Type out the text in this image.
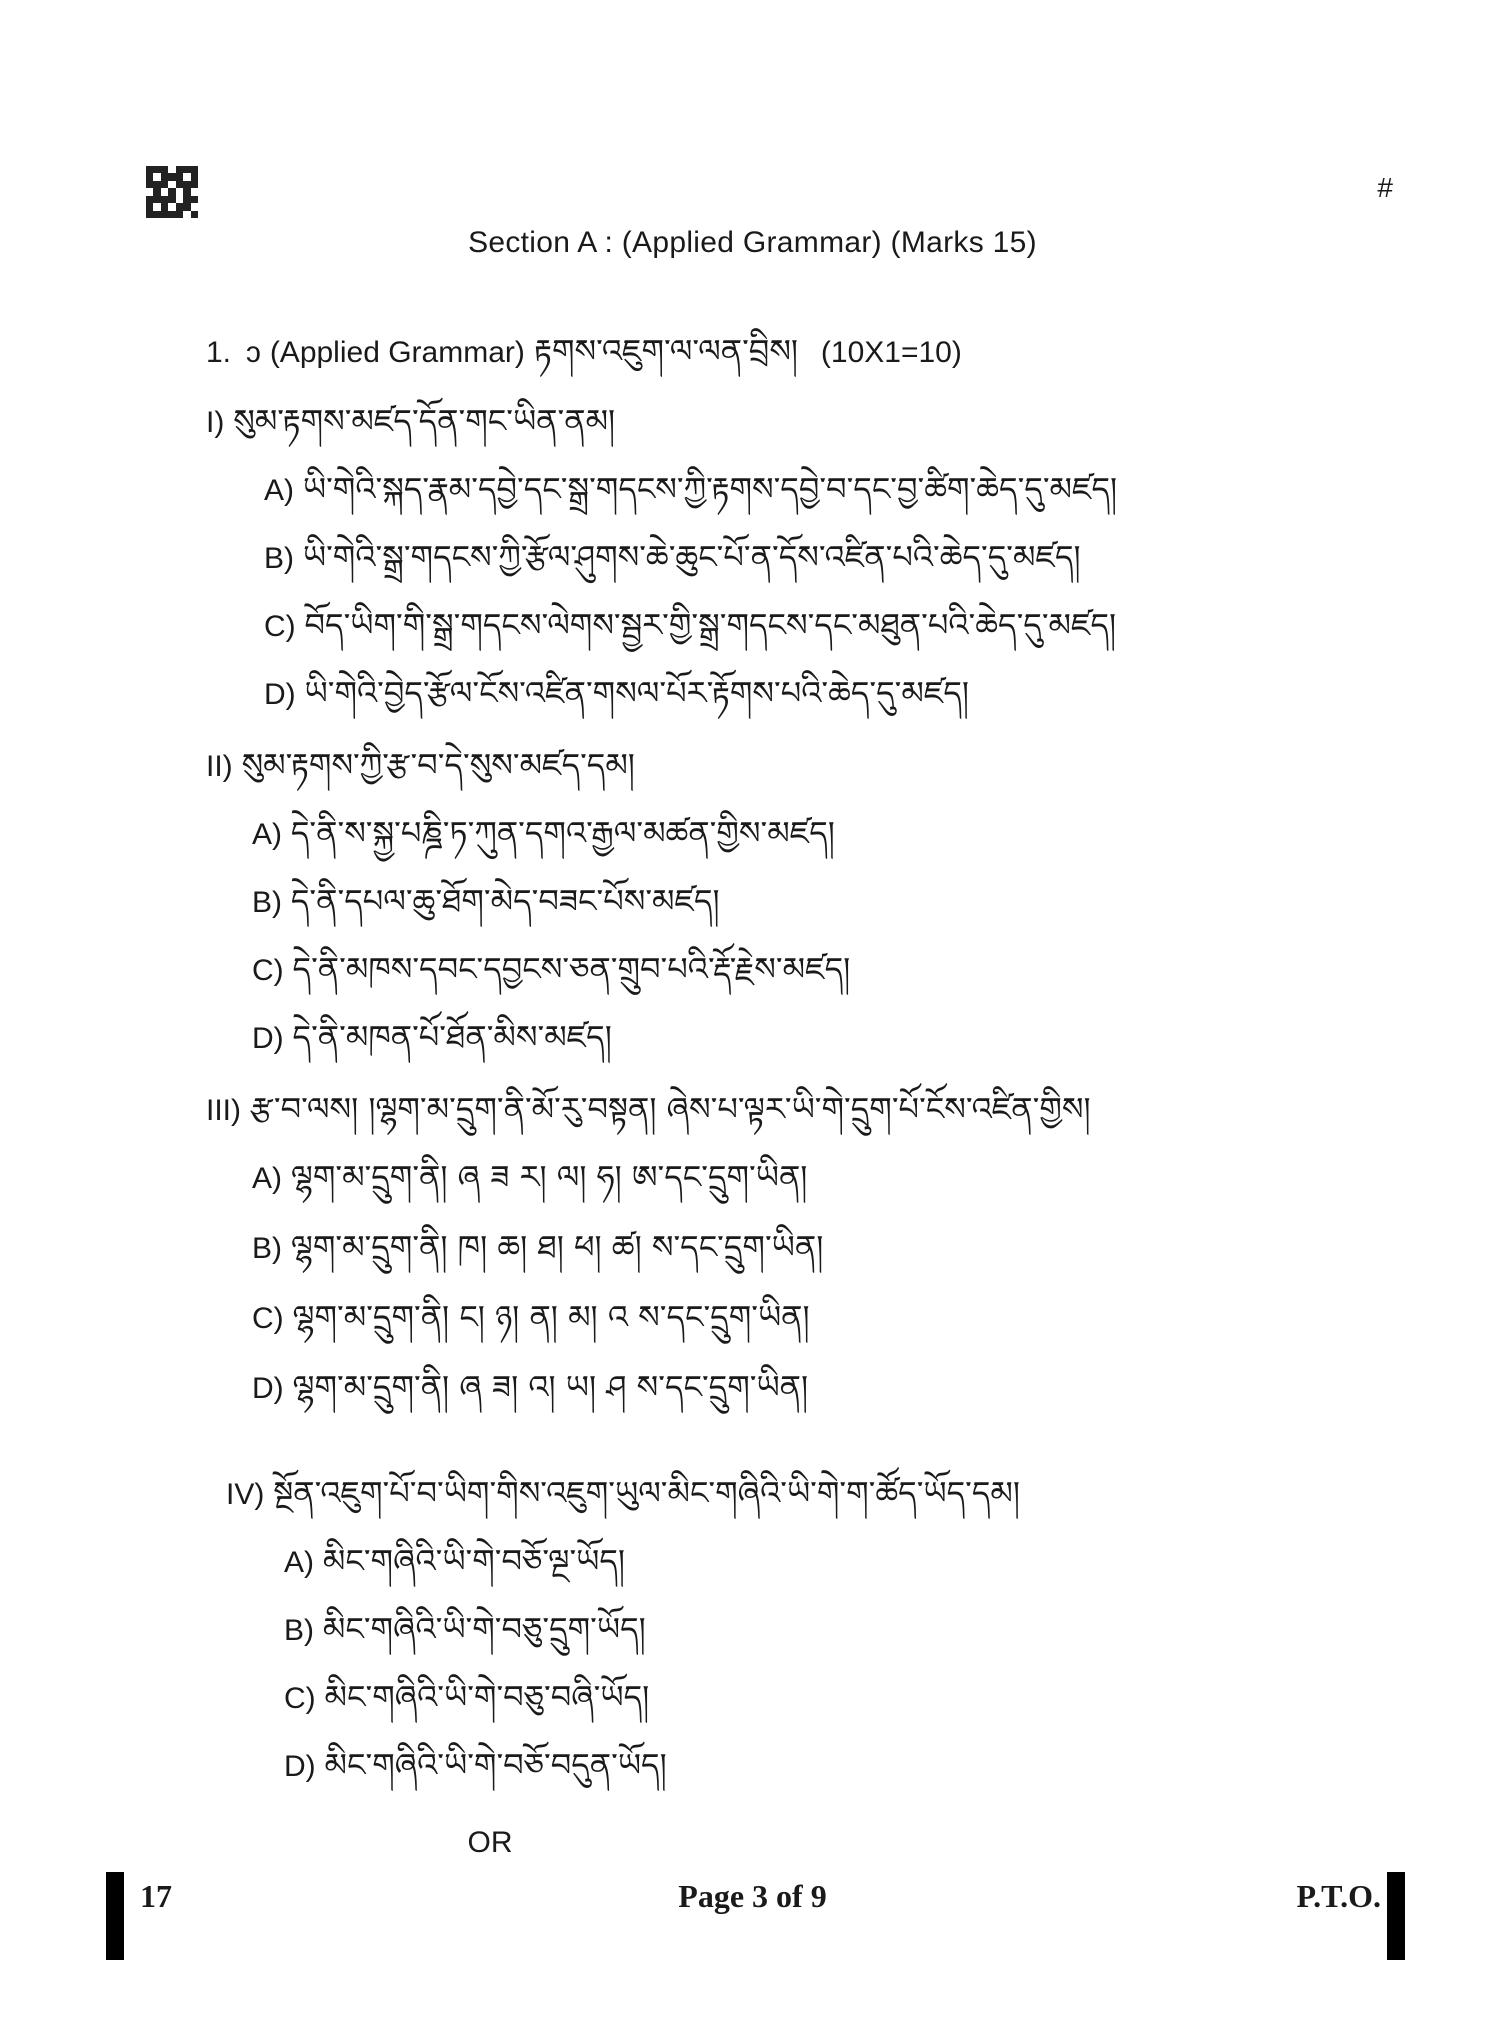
#
Section A : (Applied Grammar) (Marks 15)
1. ͻ (Applied Grammar) རྟགས་འཇུག་ལ་ལན་བྲིས། (10X1=10)
I) སུམ་རྟགས་མཛད་དོན་གང་ཡིན་ནམ།
A) ཡི་གེའི་སྐད་རྣམ་དབྱེ་དང་སྒྲ་གདངས་ཀྱི་རྟགས་དབྱེ་བ་དང་བྱ་ཚིག་ཆེད་དུ་མཛད།
B) ཡི་གེའི་སྒྲ་གདངས་ཀྱི་རྩོལ་ཤུགས་ཆེ་ཆུང་པོ་ན་དོས་འཛིན་པའི་ཆེད་དུ་མཛད།
C) བོད་ཡིག་གི་སྒྲ་གདངས་ལེགས་སྦྱར་གྱི་སྒྲ་གདངས་དང་མཐུན་པའི་ཆེད་དུ་མཛད།
D) ཡི་གེའི་བྱེད་རྩོལ་ངོས་འཛིན་གསལ་པོར་རྟོགས་པའི་ཆེད་དུ་མཛད།
II) སུམ་རྟགས་ཀྱི་རྩ་བ་དེ་སུས་མཛད་དམ།
A) དེ་ནི་ས་སྐྱ་པཎྜི་ཏ་ཀུན་དགའ་རྒྱལ་མཚན་གྱིས་མཛད།
B) དེ་ནི་དཔལ་ཆུ་ཐོག་མེད་བཟང་པོས་མཛད།
C) དེ་ནི་མཁས་དབང་དབྱངས་ཅན་གྲུབ་པའི་རྡོ་རྗེས་མཛད།
D) དེ་ནི་མཁན་པོ་ཐོན་མིས་མཛད།
III) རྩ་བ་ལས། །ལྷག་མ་དྲུག་ནི་མོ་རུ་བསྟན། ཞེས་པ་ལྟར་ཡི་གེ་དྲུག་པོ་ངོས་འཛིན་གྱིས།
A) ལྷག་མ་དྲུག་ནི། ཞ ཟ ར། ལ། ཧ། ཨ་དང་དྲུག་ཡིན།
B) ལྷག་མ་དྲུག་ནི། ཁ། ཆ། ཐ། ཕ། ཚ། ས་དང་དྲུག་ཡིན།
C) ལྷག་མ་དྲུག་ནི། ང། ཉ། ན། མ། འ ས་དང་དྲུག་ཡིན།
D) ལྷག་མ་དྲུག་ནི། ཞ ཟ། འ། ཡ། ཤ ས་དང་དྲུག་ཡིན།
IV) སྔོན་འཇུག་པོ་བ་ཡིག་གིས་འཇུག་ཡུལ་མིང་གཞིའི་ཡི་གེ་ག་ཚོད་ཡོད་དམ།
A) མིང་གཞིའི་ཡི་གེ་བཅོ་ལྔ་ཡོད།
B) མིང་གཞིའི་ཡི་གེ་བཅུ་དྲུག་ཡོད།
C) མིང་གཞིའི་ཡི་གེ་བཅུ་བཞི་ཡོད།
D) མིང་གཞིའི་ཡི་གེ་བཅོ་བདུན་ཡོད།
OR
17	Page 3 of 9	P.T.O.
